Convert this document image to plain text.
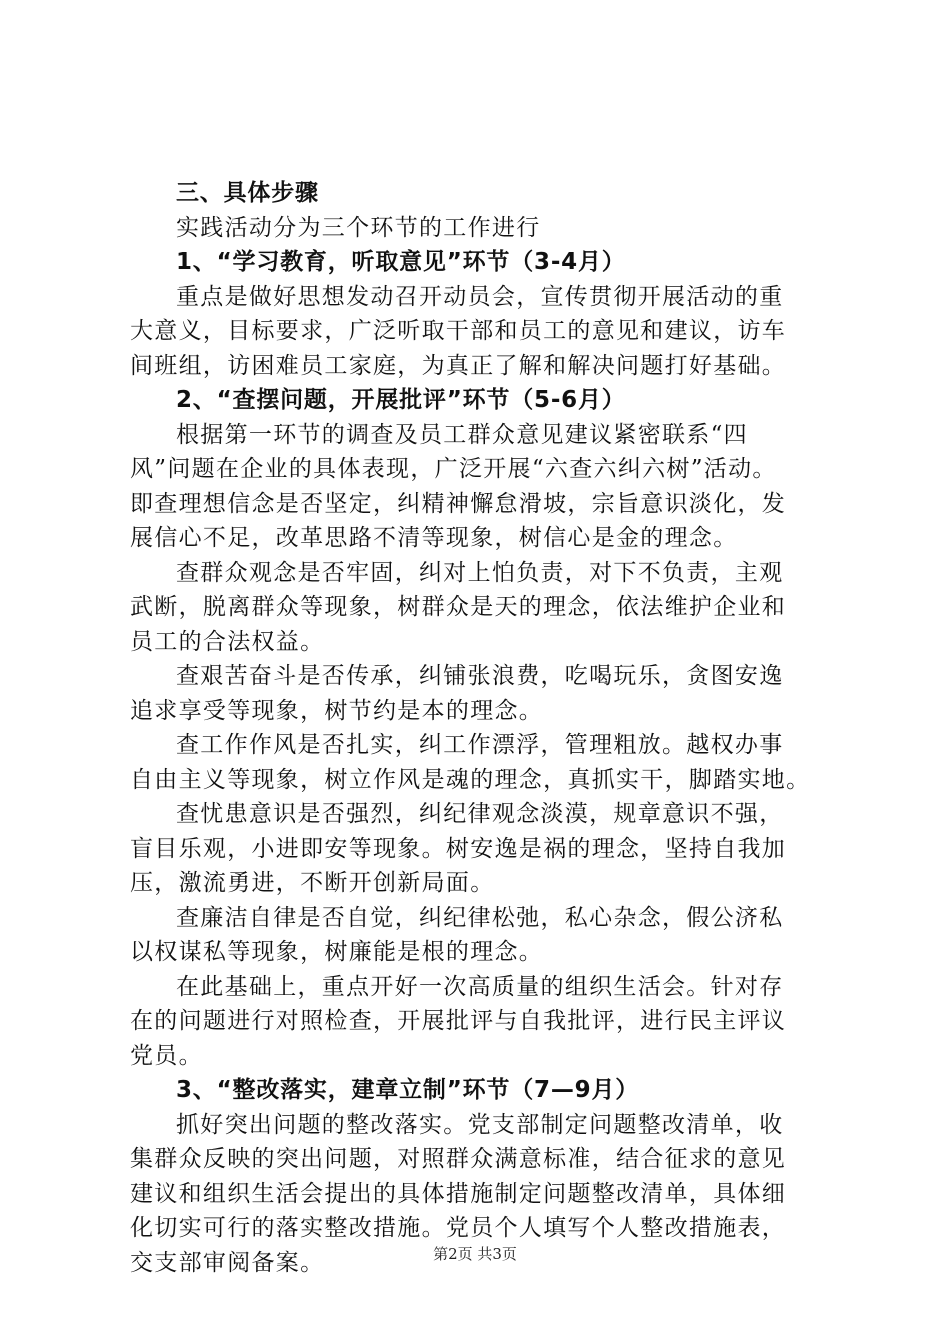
三、具体步骤
实践活动分为三个环节的工作进行
1、“学习教育，听取意见”环节（3-4月）
重点是做好思想发动召开动员会，宣传贯彻开展活动的重
大意义，目标要求，广泛听取干部和员工的意见和建议，访车
间班组，访困难员工家庭，为真正了解和解决问题打好基础。
2、“查摆问题，开展批评”环节（5-6月）
根据第一环节的调查及员工群众意见建议紧密联系“四
风”问题在企业的具体表现，广泛开展“六查六纠六树”活动。
即查理想信念是否坚定，纠精神懈怠滑坡，宗旨意识淡化，发
展信心不足，改革思路不清等现象，树信心是金的理念。
查群众观念是否牢固，纠对上怕负责，对下不负责，主观
武断，脱离群众等现象，树群众是天的理念，依法维护企业和
员工的合法权益。
查艰苦奋斗是否传承，纠铺张浪费，吃喝玩乐，贪图安逸
追求享受等现象，树节约是本的理念。
查工作作风是否扎实，纠工作漂浮，管理粗放。越权办事
自由主义等现象，树立作风是魂的理念，真抓实干，脚踏实地。
查忧患意识是否强烈，纠纪律观念淡漠，规章意识不强，
盲目乐观，小进即安等现象。树安逸是祸的理念，坚持自我加
压，激流勇进，不断开创新局面。
查廉洁自律是否自觉，纠纪律松弛，私心杂念，假公济私
以权谋私等现象，树廉能是根的理念。
在此基础上，重点开好一次高质量的组织生活会。针对存
在的问题进行对照检查，开展批评与自我批评，进行民主评议
党员。
3、“整改落实，建章立制”环节（7—9月）
抓好突出问题的整改落实。党支部制定问题整改清单，收
集群众反映的突出问题，对照群众满意标准，结合征求的意见
建议和组织生活会提出的具体措施制定问题整改清单，具体细
化切实可行的落实整改措施。党员个人填写个人整改措施表，
交支部审阅备案。	第2页 共3页
